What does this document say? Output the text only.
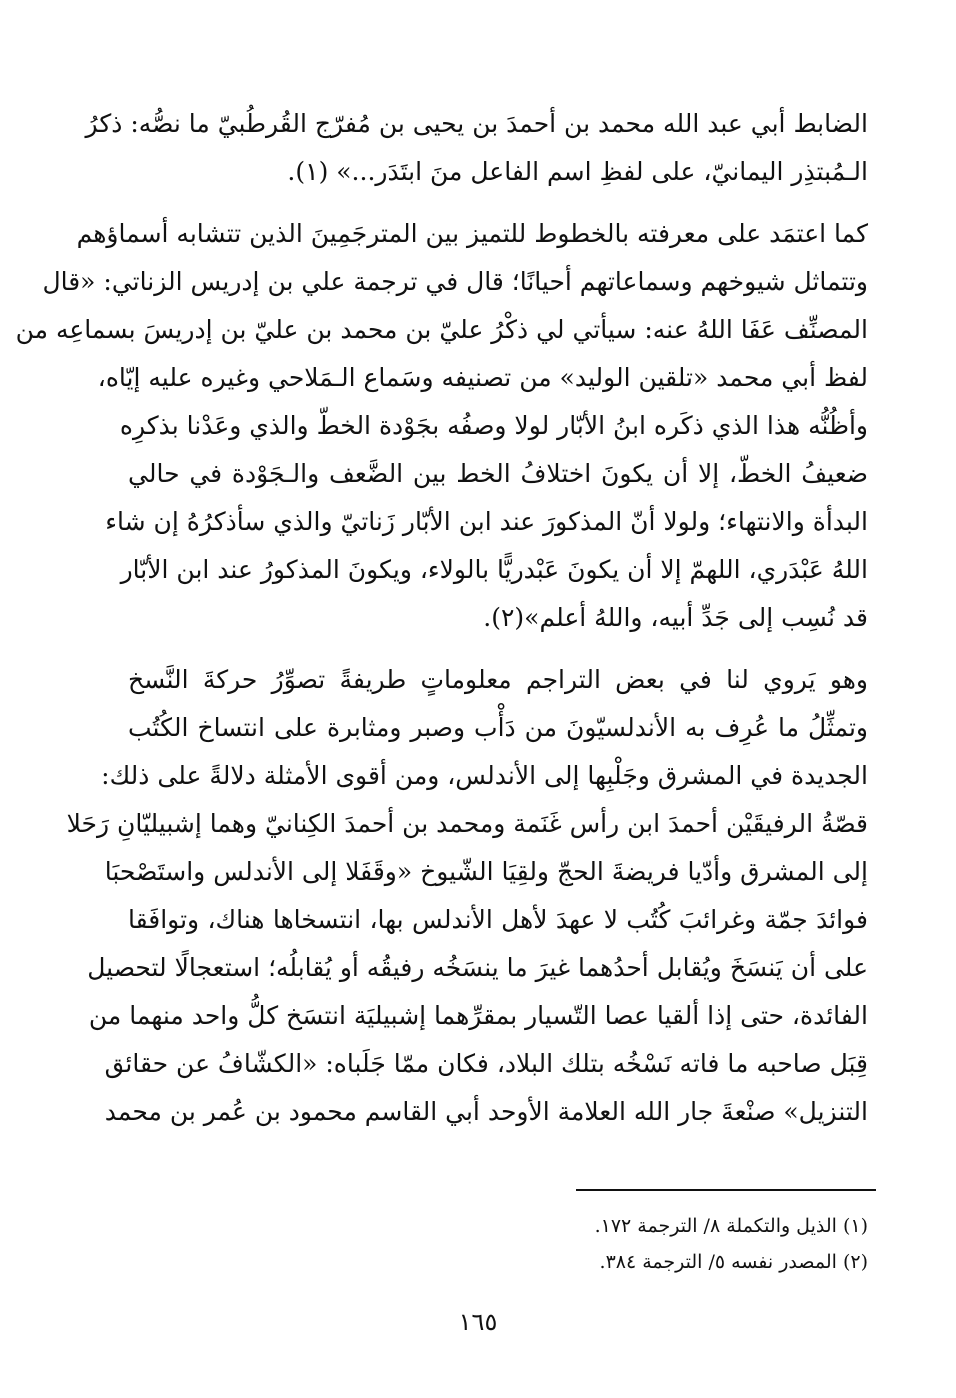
الضابط أبي عبد الله محمد بن أحمدَ بن يحيى بن مُفرّج القُرطُبيّ ما نصُّه: ذكرُ
الـمُبتذِر اليمانيّ، على لفظِ اسم الفاعل منَ ابتَدَر...» (١).
كما اعتمَد على معرفته بالخطوط للتميز بين المترجَمِينَ الذين تتشابه أسماؤهم
وتتماثل شيوخهم وسماعاتهم أحيانًا؛ قال في ترجمة علي بن إدريس الزناتي: «قال
المصنِّف عَفَا اللهُ عنه: سيأتي لي ذكْرُ عليّ بن محمد بن عليّ بن إدريسَ بسماعِه من
لفظ أبي محمد «تلقين الوليد» من تصنيفه وسَماع الـمَلاحي وغيره عليه إيّاه،
وأظُنُّه هذا الذي ذكَره ابنُ الأبّار لولا وصفُه بجَوْدة الخطّ والذي وعَدْنا بذكرِه
ضعيفُ الخطّ، إلا أن يكونَ اختلافُ الخط بين الضَّعف والـجَوْدة في حالي
البدأة والانتهاء؛ ولولا أنّ المذكورَ عند ابن الأبّار زَناتيّ والذي سأذكرُهُ إن شاء
اللهُ عَبْدَري، اللهمّ إلا أن يكونَ عَبْدريًّا بالولاء، ويكونَ المذكورُ عند ابن الأبّار
قد نُسِب إلى جَدِّ أبيه، واللهُ أعلم»(٢).
وهو يَروي لنا في بعض التراجم معلوماتٍ طريفةً تصوِّرُ حركةَ النَّسخ
وتمثِّلُ ما عُرِف به الأندلسيّونَ من دَأْب وصبر ومثابرة على انتساخ الكُتُب
الجديدة في المشرق وجَلْبِها إلى الأندلس، ومن أقوى الأمثلة دلالةً على ذلك:
قصّةُ الرفيقَيْن أحمدَ ابن رأس غَنَمة ومحمد بن أحمدَ الكِنانيّ وهما إشبيليّانِ رَحَلا
إلى المشرق وأدّيا فريضةَ الحجّ ولقِيَا الشّيوخ «وقَفَلا إلى الأندلس واستَصْحبَا
فوائدَ جمّة وغرائبَ كُتُب لا عهدَ لأهل الأندلس بها، انتسخاها هناك، وتوافَقا
على أن يَنسَخَ ويُقابل أحدُهما غيرَ ما ينسَخُه رفيقُه أو يُقابلُه؛ استعجالًا لتحصيل
الفائدة، حتى إذا ألقيا عصا التّسيار بمقرِّهما إشبيليَة انتسَخ كلُّ واحد منهما من
قِبَل صاحبه ما فاته نَسْخُه بتلك البلاد، فكان ممّا جَلَباه: «الكشّافُ عن حقائق
التنزيل» صنْعةَ جار الله العلامة الأوحد أبي القاسم محمود بن عُمر بن محمد
(١) الذيل والتكملة ٨/ الترجمة ١٧٢.
(٢) المصدر نفسه ٥/ الترجمة ٣٨٤.
١٦٥
